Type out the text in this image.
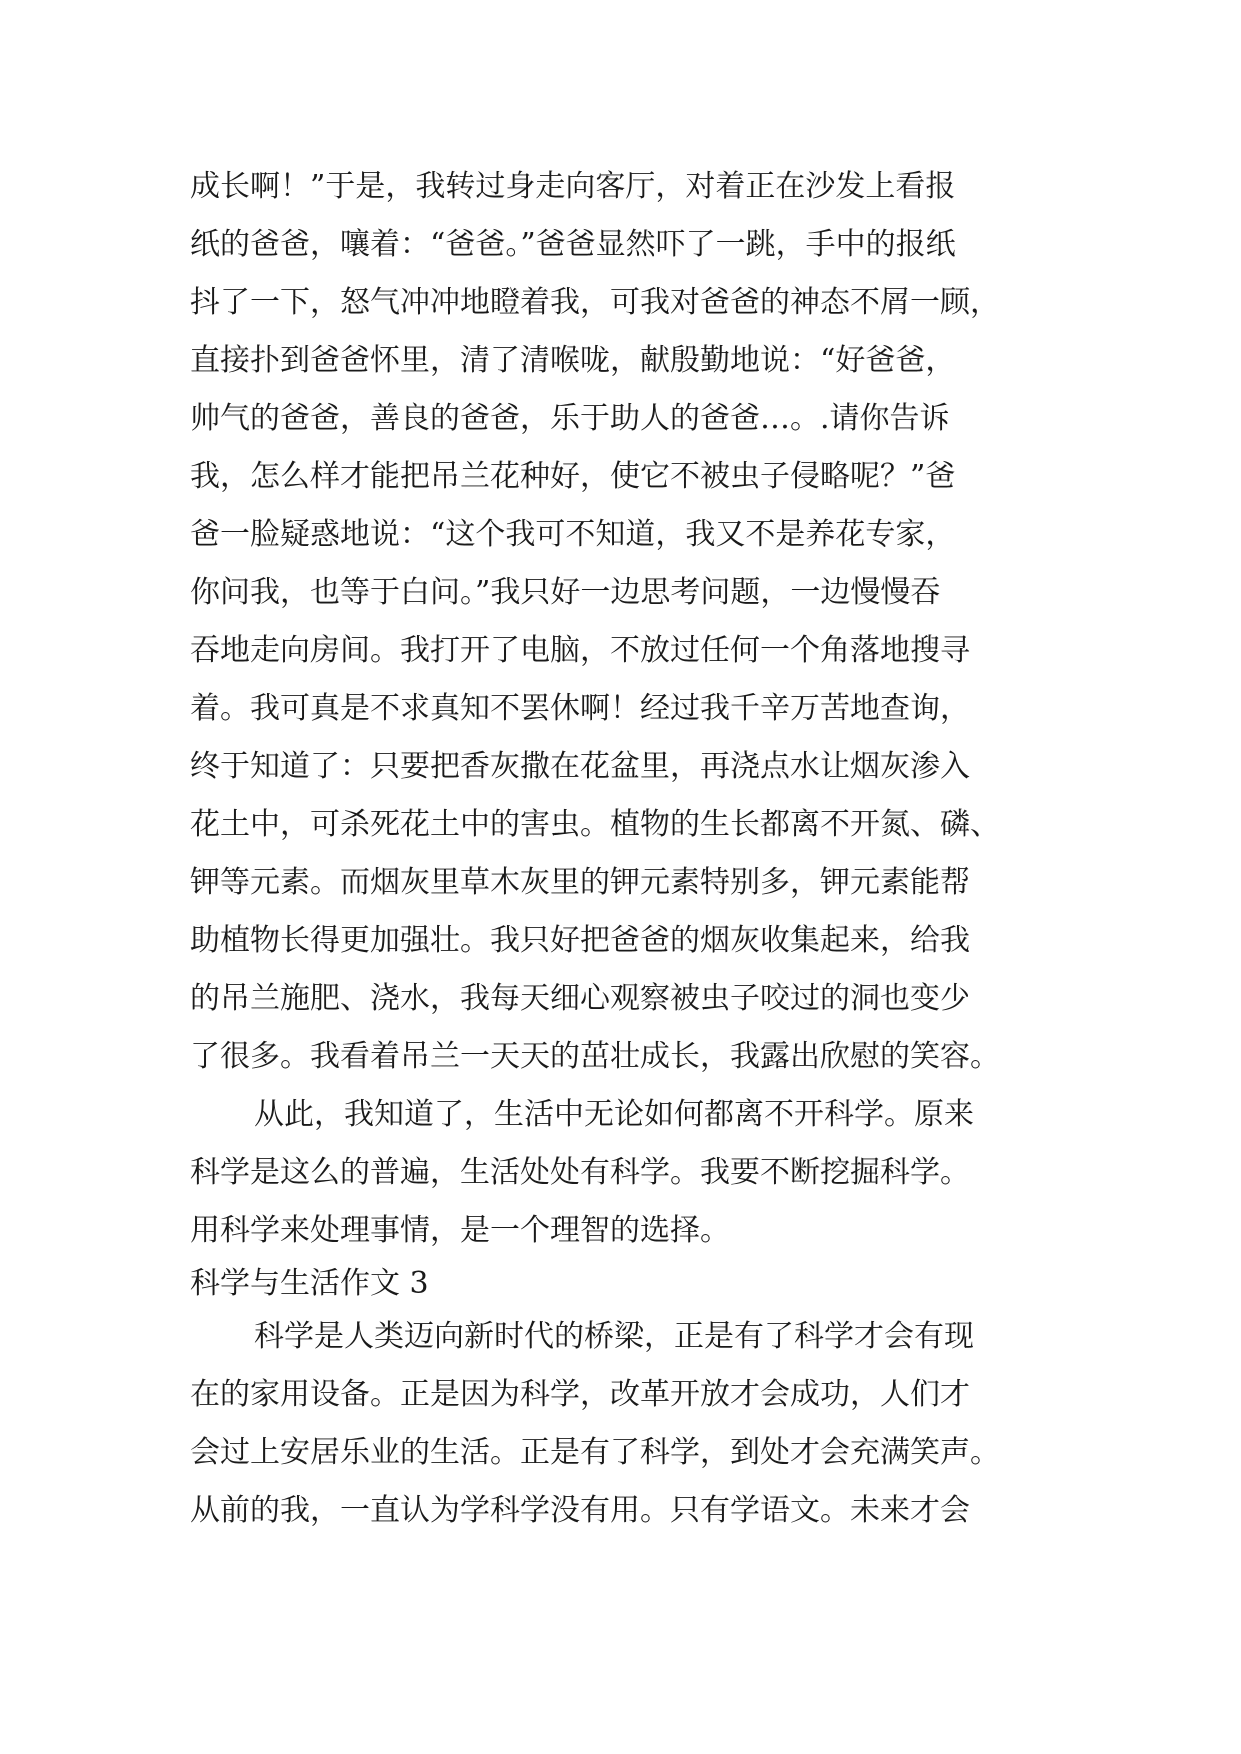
成长啊！”于是，我转过身走向客厅，对着正在沙发上看报
纸的爸爸，嚷着：“爸爸。”爸爸显然吓了一跳，手中的报纸
抖了一下，怒气冲冲地瞪着我，可我对爸爸的神态不屑一顾，
直接扑到爸爸怀里，清了清喉咙，献殷勤地说：“好爸爸，
帅气的爸爸，善良的爸爸，乐于助人的爸爸…。.请你告诉
我，怎么样才能把吊兰花种好，使它不被虫子侵略呢？”爸
爸一脸疑惑地说：“这个我可不知道，我又不是养花专家，
你问我，也等于白问。”我只好一边思考问题，一边慢慢吞
吞地走向房间。我打开了电脑，不放过任何一个角落地搜寻
着。我可真是不求真知不罢休啊！经过我千辛万苦地查询，
终于知道了：只要把香灰撒在花盆里，再浇点水让烟灰渗入
花土中，可杀死花土中的害虫。植物的生长都离不开氮、磷、
钾等元素。而烟灰里草木灰里的钾元素特别多，钾元素能帮
助植物长得更加强壮。我只好把爸爸的烟灰收集起来，给我
的吊兰施肥、浇水，我每天细心观察被虫子咬过的洞也变少
了很多。我看着吊兰一天天的茁壮成长，我露出欣慰的笑容。
从此，我知道了，生活中无论如何都离不开科学。原来
科学是这么的普遍，生活处处有科学。我要不断挖掘科学。
用科学来处理事情，是一个理智的选择。
科学与生活作文 3
科学是人类迈向新时代的桥梁，正是有了科学才会有现
在的家用设备。正是因为科学，改革开放才会成功，人们才
会过上安居乐业的生活。正是有了科学，到处才会充满笑声。
从前的我，一直认为学科学没有用。只有学语文。未来才会
